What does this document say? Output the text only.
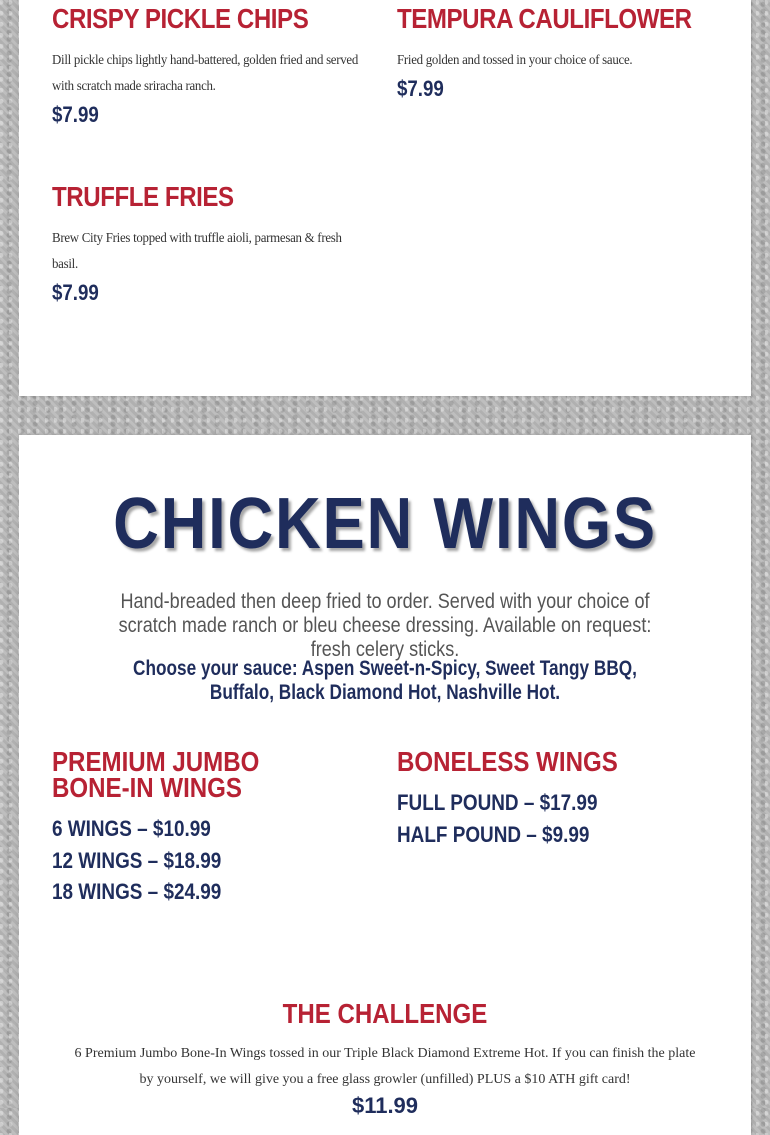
CRISPY PICKLE CHIPS

Dill pickle chips lightly hand-battered, golden fried and served with scratch made sriracha ranch.

$7.99

TEMPURA CAULIFLOWER

Fried golden and tossed in your choice of sauce.

$7.99

TRUFFLE FRIES

Brew City Fries topped with truffle aioli, parmesan & fresh basil.

$7.99

CHICKEN WINGS

Hand-breaded then deep fried to order. Served with your choice of scratch made ranch or bleu cheese dressing. Available on request: fresh celery sticks.

Choose your sauce: Aspen Sweet-n-Spicy, Sweet Tangy BBQ, Buffalo, Black Diamond Hot, Nashville Hot.

PREMIUM JUMBO BONE-IN WINGS

6 WINGS – $10.99

12 WINGS – $18.99

18 WINGS – $24.99

BONELESS WINGS

FULL POUND – $17.99

HALF POUND – $9.99

THE CHALLENGE

6 Premium Jumbo Bone-In Wings tossed in our Triple Black Diamond Extreme Hot. If you can finish the plate by yourself, we will give you a free glass growler (unfilled) PLUS a $10 ATH gift card!

$11.99
